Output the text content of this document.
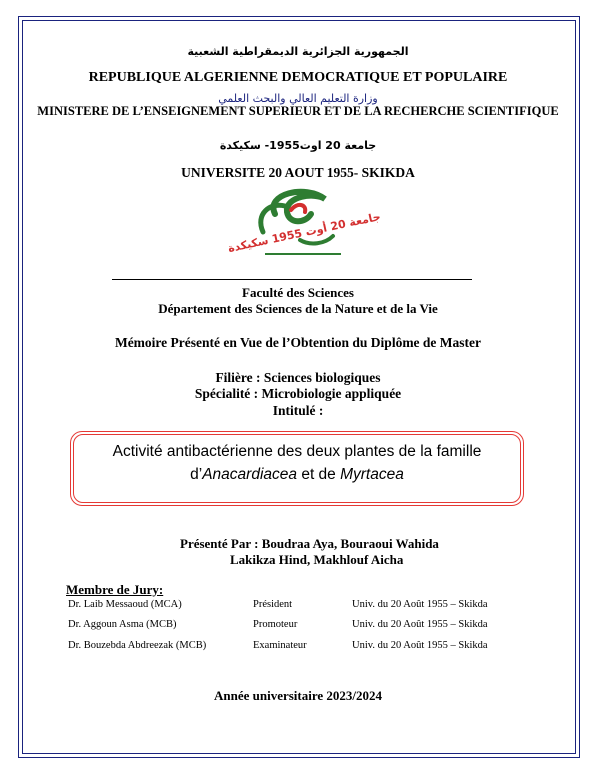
الجمهورية الجزائرية الديمقراطية الشعبية
REPUBLIQUE ALGERIENNE DEMOCRATIQUE ET POPULAIRE
وزارة التعليم العالي والبحث العلمي
MINISTERE DE L’ENSEIGNEMENT SUPERIEUR ET DE LA RECHERCHE SCIENTIFIQUE
جامعة 20 اوت1955- سكيكدة
UNIVERSITE 20 AOUT 1955- SKIKDA
جامعة 20 أوت 1955 سكيكدة
Faculté des Sciences
Département des Sciences de la Nature et de la Vie
Mémoire Présenté en Vue de l’Obtention du Diplôme de Master
Filière : Sciences biologiques
Spécialité : Microbiologie appliquée
Intitulé :
Activité antibactérienne des deux plantes de la famille
d’Anacardiacea et de Myrtacea
Présenté Par : Boudraa Aya, Bouraoui Wahida
Lakikza Hind, Makhlouf Aicha
Membre de Jury:
Dr. Laib Messaoud (MCA)	Président	Univ. du 20 Août 1955 – Skikda
Dr. Aggoun Asma (MCB)	Promoteur	Univ. du 20 Août 1955 – Skikda
Dr. Bouzebda Abdreezak (MCB)	Examinateur	Univ. du 20 Août 1955 – Skikda
Année universitaire 2023/2024
